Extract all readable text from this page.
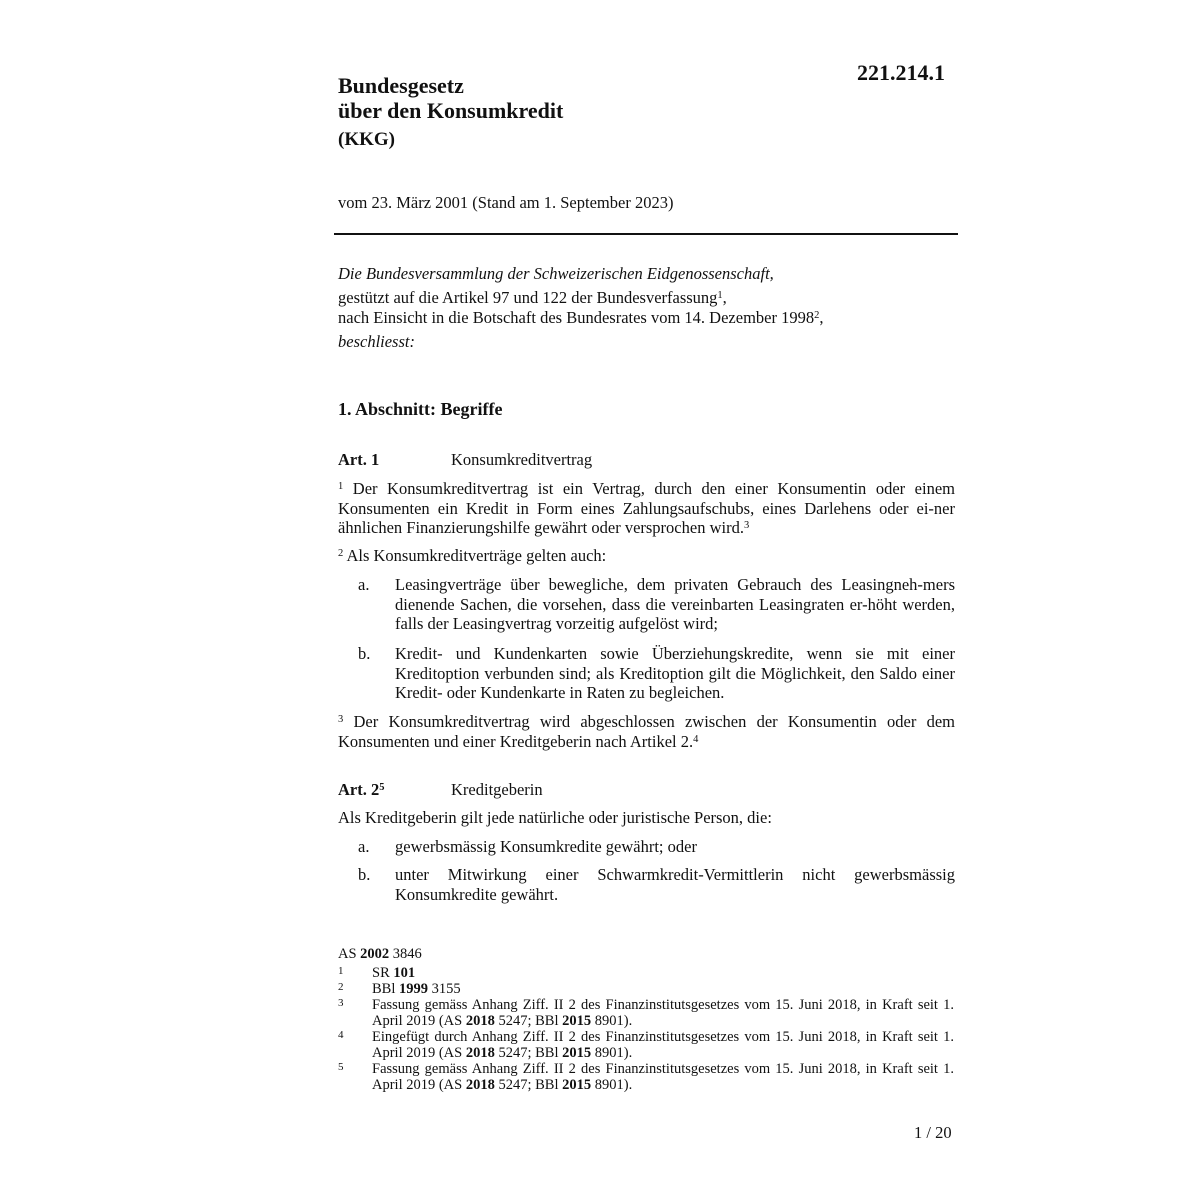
221.214.1
Bundesgesetz
über den Konsumkredit
(KKG)
vom 23. März 2001 (Stand am 1. September 2023)

Die Bundesversammlung der Schweizerischen Eidgenossenschaft,

gestützt auf die Artikel 97 und 122 der Bundesverfassung$^1$,

nach Einsicht in die Botschaft des Bundesrates vom 14. Dezember 1998$^2$,

beschliesst:

1. Abschnitt: Begriffe
Art. 1	Konsumkreditvertrag
$^1$ Der Konsumkreditvertrag ist ein Vertrag, durch den einer Konsumentin oder einem Konsumenten ein Kredit in Form eines Zahlungsaufschubs, eines Darlehens oder ei-ner ähnlichen Finanzierungshilfe gewährt oder versprochen wird.$^3$
$^2$ Als Konsumkreditverträge gelten auch:
a. Leasingverträge über bewegliche, dem privaten Gebrauch des Leasingneh-mers dienende Sachen, die vorsehen, dass die vereinbarten Leasingraten er-höht werden, falls der Leasingvertrag vorzeitig aufgelöst wird;
b. Kredit- und Kundenkarten sowie Überziehungskredite, wenn sie mit einer Kreditoption verbunden sind; als Kreditoption gilt die Möglichkeit, den Saldo einer Kredit- oder Kundenkarte in Raten zu begleichen.
$^3$ Der Konsumkreditvertrag wird abgeschlossen zwischen der Konsumentin oder dem Konsumenten und einer Kreditgeberin nach Artikel 2.$^4$
Art. $2^5$	Kreditgeberin
Als Kreditgeberin gilt jede natürliche oder juristische Person, die:
a. gewerbsmässig Konsumkredite gewährt; oder
b. unter Mitwirkung einer Schwarmkredit-Vermittlerin nicht gewerbsmässig Konsumkredite gewährt.
AS 2002 3846
1 SR 101
2 BBl 1999 3155
3 Fassung gemäss Anhang Ziff. II 2 des Finanzinstitutsgesetzes vom 15. Juni 2018, in Kraft seit 1. April 2019 (AS 2018 5247; BBl 2015 8901).
4 Eingefügt durch Anhang Ziff. II 2 des Finanzinstitutsgesetzes vom 15. Juni 2018, in Kraft seit 1. April 2019 (AS 2018 5247; BBl 2015 8901).
5 Fassung gemäss Anhang Ziff. II 2 des Finanzinstitutsgesetzes vom 15. Juni 2018, in Kraft seit 1. April 2019 (AS 2018 5247; BBl 2015 8901).
1 / 20
